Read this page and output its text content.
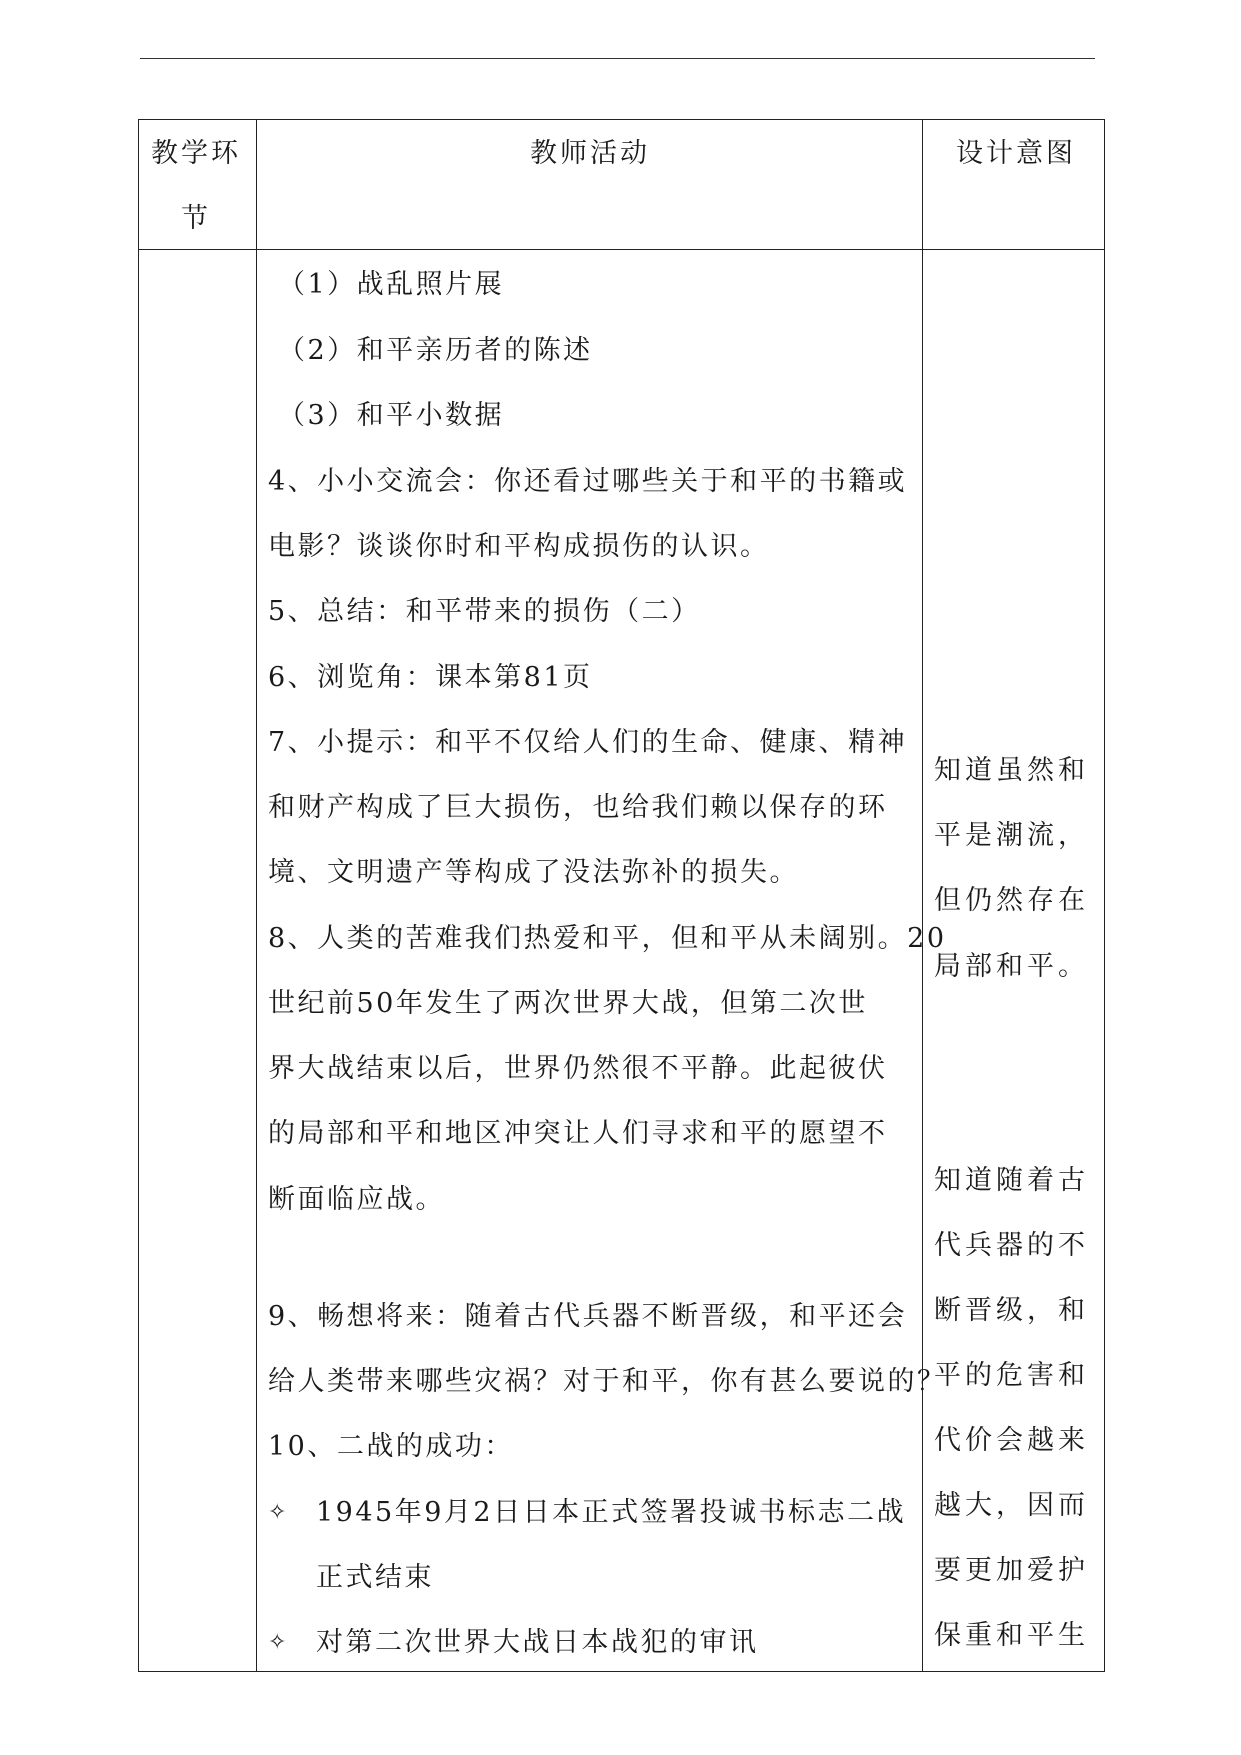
教学环
节
教师活动	设计意图
（1）战乱照片展
（2）和平亲历者的陈述
（3）和平小数据
4、小小交流会：你还看过哪些关于和平的书籍或
电影？谈谈你时和平构成损伤的认识。
5、总结：和平带来的损伤（二）
6、浏览角：课本第81页
7、小提示：和平不仅给人们的生命、健康、精神
和财产构成了巨大损伤，也给我们赖以保存的环
境、文明遗产等构成了没法弥补的损失。
8、人类的苦难我们热爱和平，但和平从未阔别。20
世纪前50年发生了两次世界大战，但第二次世
界大战结束以后，世界仍然很不平静。此起彼伏
的局部和平和地区冲突让人们寻求和平的愿望不
断面临应战。
9、畅想将来：随着古代兵器不断晋级，和平还会
给人类带来哪些灾祸？对于和平，你有甚么要说的？
10、二战的成功：
✧ 1945年9月2日日本正式签署投诚书标志二战
正式结束
✧ 对第二次世界大战日本战犯的审讯
知道虽然和
平是潮流，
但仍然存在
局部和平。
知道随着古
代兵器的不
断晋级，和
平的危害和
代价会越来
越大，因而
要更加爱护
保重和平生
